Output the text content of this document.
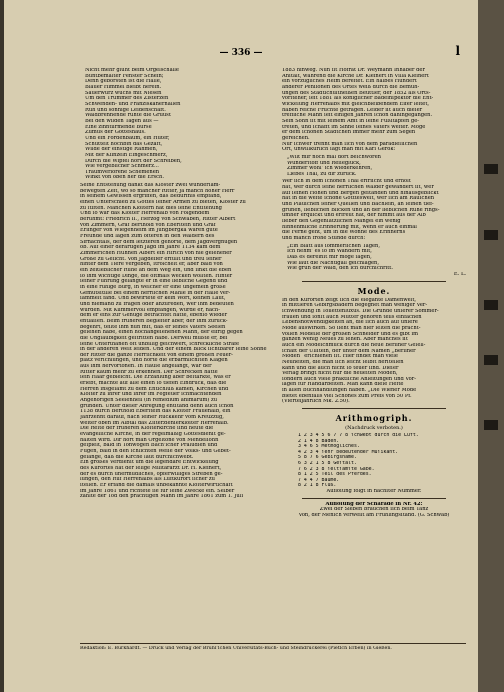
— 336 —	l
Nicht mehr glüht beim Orgelschalle
Buntbemalter Fenster Schein;
Denn geborsten ist die Halle,
Blauer Himmel bleibt herein.
Sauerwurz wuchs mit Niesen
Um den Trümmer des Zisterzen
Schwenden- und Franziskanerhallen
Ruh und sonnige Leidenschaft.
Waldbrennende ruhte die Gruust
Bei den wilden Tagen aus —
Eine zinntürmende Burse
Zumus der Gotteshaus.
Und ein Fordenbaum, ein Hüter,
Schüttelt hochbin das Gezäft,
Wilde der einstige Rahmen,
Mit der Kiinzeln Eingeschmerz,
Durch die Wipfel hört der Schreiben,
Wie vergeblicher Schmerz...
Träumverlorene Schemenen
Winkt von oben her die Ersch.
Seine Entstehung dankt das Kloster zwei wunderſam-
bewegten Zeit, wo so mancher Ritter, ja manch hoher Herr
in seinem Gewissen ergriffen, das Bedürfnis empfand,
einen Unterschied zu Gottes ſeiner Armen zu bieten, Klöster zu
zu ſtiften. Manchen Klöſtern hat dies ſeine Entſtehung
Und ſo war das Kloſter Herrenalb von Folgendem
berühmt: Friedrich II., Herzog von Schwaben, Ritter Albert
von Zimmern, Graf Berthold von Eberſtein und Graf
Erlinger von Wiegenheim im Jungbergka waren gute
Freunde und lagen zum öfteren in den Wäldern des
Sirnachtals, der dem letzteren gehörte, dem Jagdvergnügen
ob. Auf einer derartigen Jagd im Jahre 1134 kam dem
Zimmerſchen Hühnen Albert ein Hirſch von nie geſehener
Größe zu Geſicht. Von Jagdeifer erfüllt und treu ſeiner
hinter dem Tiere vergeben, ſtrolchelt er, aber bald von
ein zeitleblicher Ruhe an dem Weg ein, und ſinkt die eben
ſo ihm wichtige Dinge, die oftmals wecken wollten. Hinter
ſeiner Führung gelangte er in eine liebliche Gegend und
in eine ruhige Burg, in welcher er eine ungemein große
Gemütsſtille bei einem herrlichen Mahle in der Halle ver-
ſammelt fand. Und bewirtete er kein Wort, keinen Laut,
und niemand zu fragen oder anzureden, wer ihm bedeuten
würden. Mit Kummervoll empfangen, wurde er, nach-
dem er eins zur Genüge betrachtet hatte, ebenſo wieder
entlaſſen. Beim früheren Begleiter aber, der ihm zurück-
begehrt, teilte ihm nun mit, daß er ſeines Vaters Seelen
geſehen habe, einen hochangeſehenen Mann, der eifrig gegen
die Ungläubigkeit geſtritten habe. Derweil müßte er, bei
ſeine Unterthanen oft unbillig geſchwert, ſchreckliche Strafe
in der anderen Welt leiden. Und der einem Blick ſichtbarer ſeine Söhne
der Ritter die ganze Herrlichkeit von einem großen Feuer-
platz verſchlungen, und hörte die erbärmlichſten Klagen
aus ihm hervortönen. In Hauſe angelangt, war der
Ritter kaum mehr zu erkennen. Der Schrecken hatte
ſein Haar gebleicht. Die Erzählung aber beſtärkte, was er
erlebt, machte auf alle einen ſo tiefen Eindruck, daß die
Herren insgeſamt zu dem Entſchluß kamen, Kirchen und
Klöſter zu ihrer und ihrer im Fegfeuer ſchmachtenden
Angehörigen Seelenheil (in remedium animarum) zu
gründen. Unter dieſer Anregung entſtand denn auch ſchon
1138 durch Berthold Eberſtein das Kloſter Frauenalb, ein
Jahrzehnt darauf, nach ſeiner Rückkehr vom Kreuzzug,
weiter oben im Albtal das Ziſterzienſerkloſter Herrenalb.
Die Reſte der früheren Kloſterkirche ſind heute die
evangeliſche Kirche, in der regelmäßig Gottesdienſt ge-
halten wird. Dir hört man Orgeltöne von Mendelſohn
geſpielt, bald in Tonwogen Bach'ſcher Präludien und
Fugen, bald in den ſchlichten Weiſe der Volks- und Gebet-
geſänge, daß die Kirche laut durchſchwebt.
Ein großes Verdienſt um die legendäre Entwickelung
des Kurortes hat der ſelige Militärarzt Dr. H. Kleinert,
der es durch unermüdliches, opferwilliges Streben ge-
lungen, den Ruf Herrenalbs als Luftkurort ſicher zu
ſtellen. Er erfand die damals unbekannte Kloſterwirtſchaft
im Jahre 1861 und richtete ſie für ſeine Zwecke ein. Selber
zahlte der Tod den prächtigen Mann im Jahre 1861 zum 1. Juli
1883 hinweg. Nun iſt Hofrat Dr. Weymann Inhaber der
Anſtalt, während die Kirche Dr. Kleinert in Villa Kleinert
ein vorzügliches Heim bereitet. Ein halbes Hundert
anderer Penſionen des Ortes weiß durch die Bemüh-
ungen des Stadtſchultheißen Beuttler, der 1852 als Orts-
vorſteher, ſeit 1881 als königlicher Badeinſpektor die Ent-
wickelung Herrenalbs mit gleichbleibendem Eifer leitet,
haben reiche Früchte getragen. Leider iſt auch dieſer
treffliche Mann ſeit einigen Jahren ſchon dahingegangen.
Sein Sohn iſt mit ſeinem Amt in ſeine Fußſtapfen ge-
treten, und ſchafft im Sinne ſeines Vaters weiter. Möge
er dem ſchönen Städtchen immer mehr zum Segen
gereichen.
Nur ſchwer trennt man ſich von dem paradieſiſchen
Ort, unwillkürlich ſagt man mit Karl Gerok:
„Wilt mir noch mal dort beſchwören
Wunderſtoff und Reiſeglück,
Zimmer wohl’ ich wiederkehren,
Liebes Thal, zu dir zurück.“
Wer ſich in dem ſchönen Thal erfriſcht und erholt
hat, wer durch ſeine herrlichen Wälder gewandert iſt, wer
auf ſeinen Höhen und Bergen geſtanden und hinausgeblickt
hat in die weite ſchöne Gottteswelt, wer ſich am Rauſchen
und Plauſchen ſeiner Quellen und Bächlein, an ſeinen tief-
grünen, lieblichen Blicken und an der lieblichen Ruhe rings-
umher erquickt und erfreut hat, der nimmt aus der Alb
lieber den Gegenſätzlichen Mangel ein wenig
hinnehmliche Erinnerung mit, wenn er auch einmal
die Ferne geht, um in die Wonne des Erinnerns
und manch frohe Stunde durch:
„Ein Blatt aus ſommerlichen Tagen,
Ich nehm’ es ſo im Wandern mit,
Daß es dereinſt mir möge ſagen,
Wie laut die Nachtigall geſchlagen,
Wie grün der Wald, den ich durchſchritt.“
E. L.
Mode.
In den Kurorten zeigt ſich die elegante Damenwelt,
in mittleren Gebirgsbädern begegnet man weniger Ver-
ſchwendung in Toilettenluxus. Die Gründe unſerer Sommer-
frauen und ſonſt auch Mütter gehören teils einfachen
Lebensnotwendigkeiten an, die ſich auch auf unſere
Mode auswirken. So ſieht man hier ſelten die pracht-
vollen Modelle der großen Schneider und es gibt im
ganzen wenig Neues zu ſehen. Aber manches iſt
auch ein Modeſchmuck durch die neue Berliner Geſell-
ſchaft der Ullſtein, der unter dem Namen „Berliner
Moden“ erſchienen iſt. Hier findet man viele
Neuheiten, die man ſich leicht ſelbſt herſtellen
kann und die auch nicht ſo teuer ſind. Dieſer
Verlag bringt nicht nur die neueſten Moden,
ſondern auch viele praktiſche Anleitungen und Vor-
lagen für Handarbeiten. Man kann dieſe Hefte
in allen Buchhandlungen haben. „Die Wiener Mode“
bietet ebenfalls viel Schönes zum Preis von 50 Pf.
(Vierteljährlich Mk. 2.50).
Arithmogriph.
(Nachdruck verboten.)
1 2 3 4 5 6 7 7 8 ſchwebt durch die Luft.
2 1 4 8 Baden.
3 4 6 5 Metmögliches.
4 2 3 4 ſehr bedeutender Muſikant.
5 8 7 6 Gebirgsname.
6 3 2 1 5 8 Geſtalt.
7 6 2 3 8 ſeltſamſte Gabe.
8 1 2 5 Teil des Pferdes.
7 4 4 7 Bäume.
8 2 1 8 Fluß.
Auflöſung folgt in nächſter Nummer.
Auflöſung der Scharade in Nr. 42:
Zwei der Sieben brauchen ſich beim Tanz
Von, der Menſch verweilt am Frühlingsſtand. (G. Schwab)
Redaktion: E. Burkhardt. — Druck und Verlag der Brühl’ſchen Universitäts-Buch- und Steindruckerei (Pietſch Erben) in Gießen.
